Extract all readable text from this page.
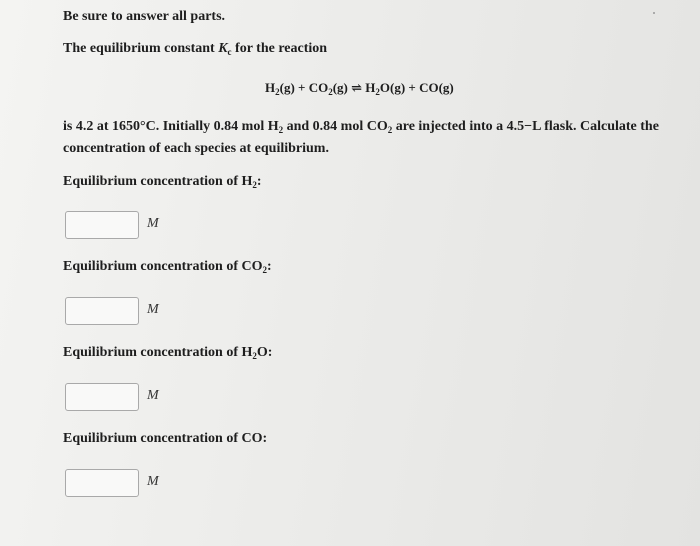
Be sure to answer all parts.
The equilibrium constant $K_c$ for the reaction
$H_2(g) + CO_2(g)$ ⇌ $H_2O(g) + CO(g)$
is 4.2 at 1650°C. Initially 0.84 mol $H_2$ and 0.84 mol $CO_2$ are injected into a 4.5−L flask. Calculate the concentration of each species at equilibrium.
Equilibrium concentration of $H_2$:
M
Equilibrium concentration of $CO_2$:
M
Equilibrium concentration of $H_2O$:
M
Equilibrium concentration of CO:
M
